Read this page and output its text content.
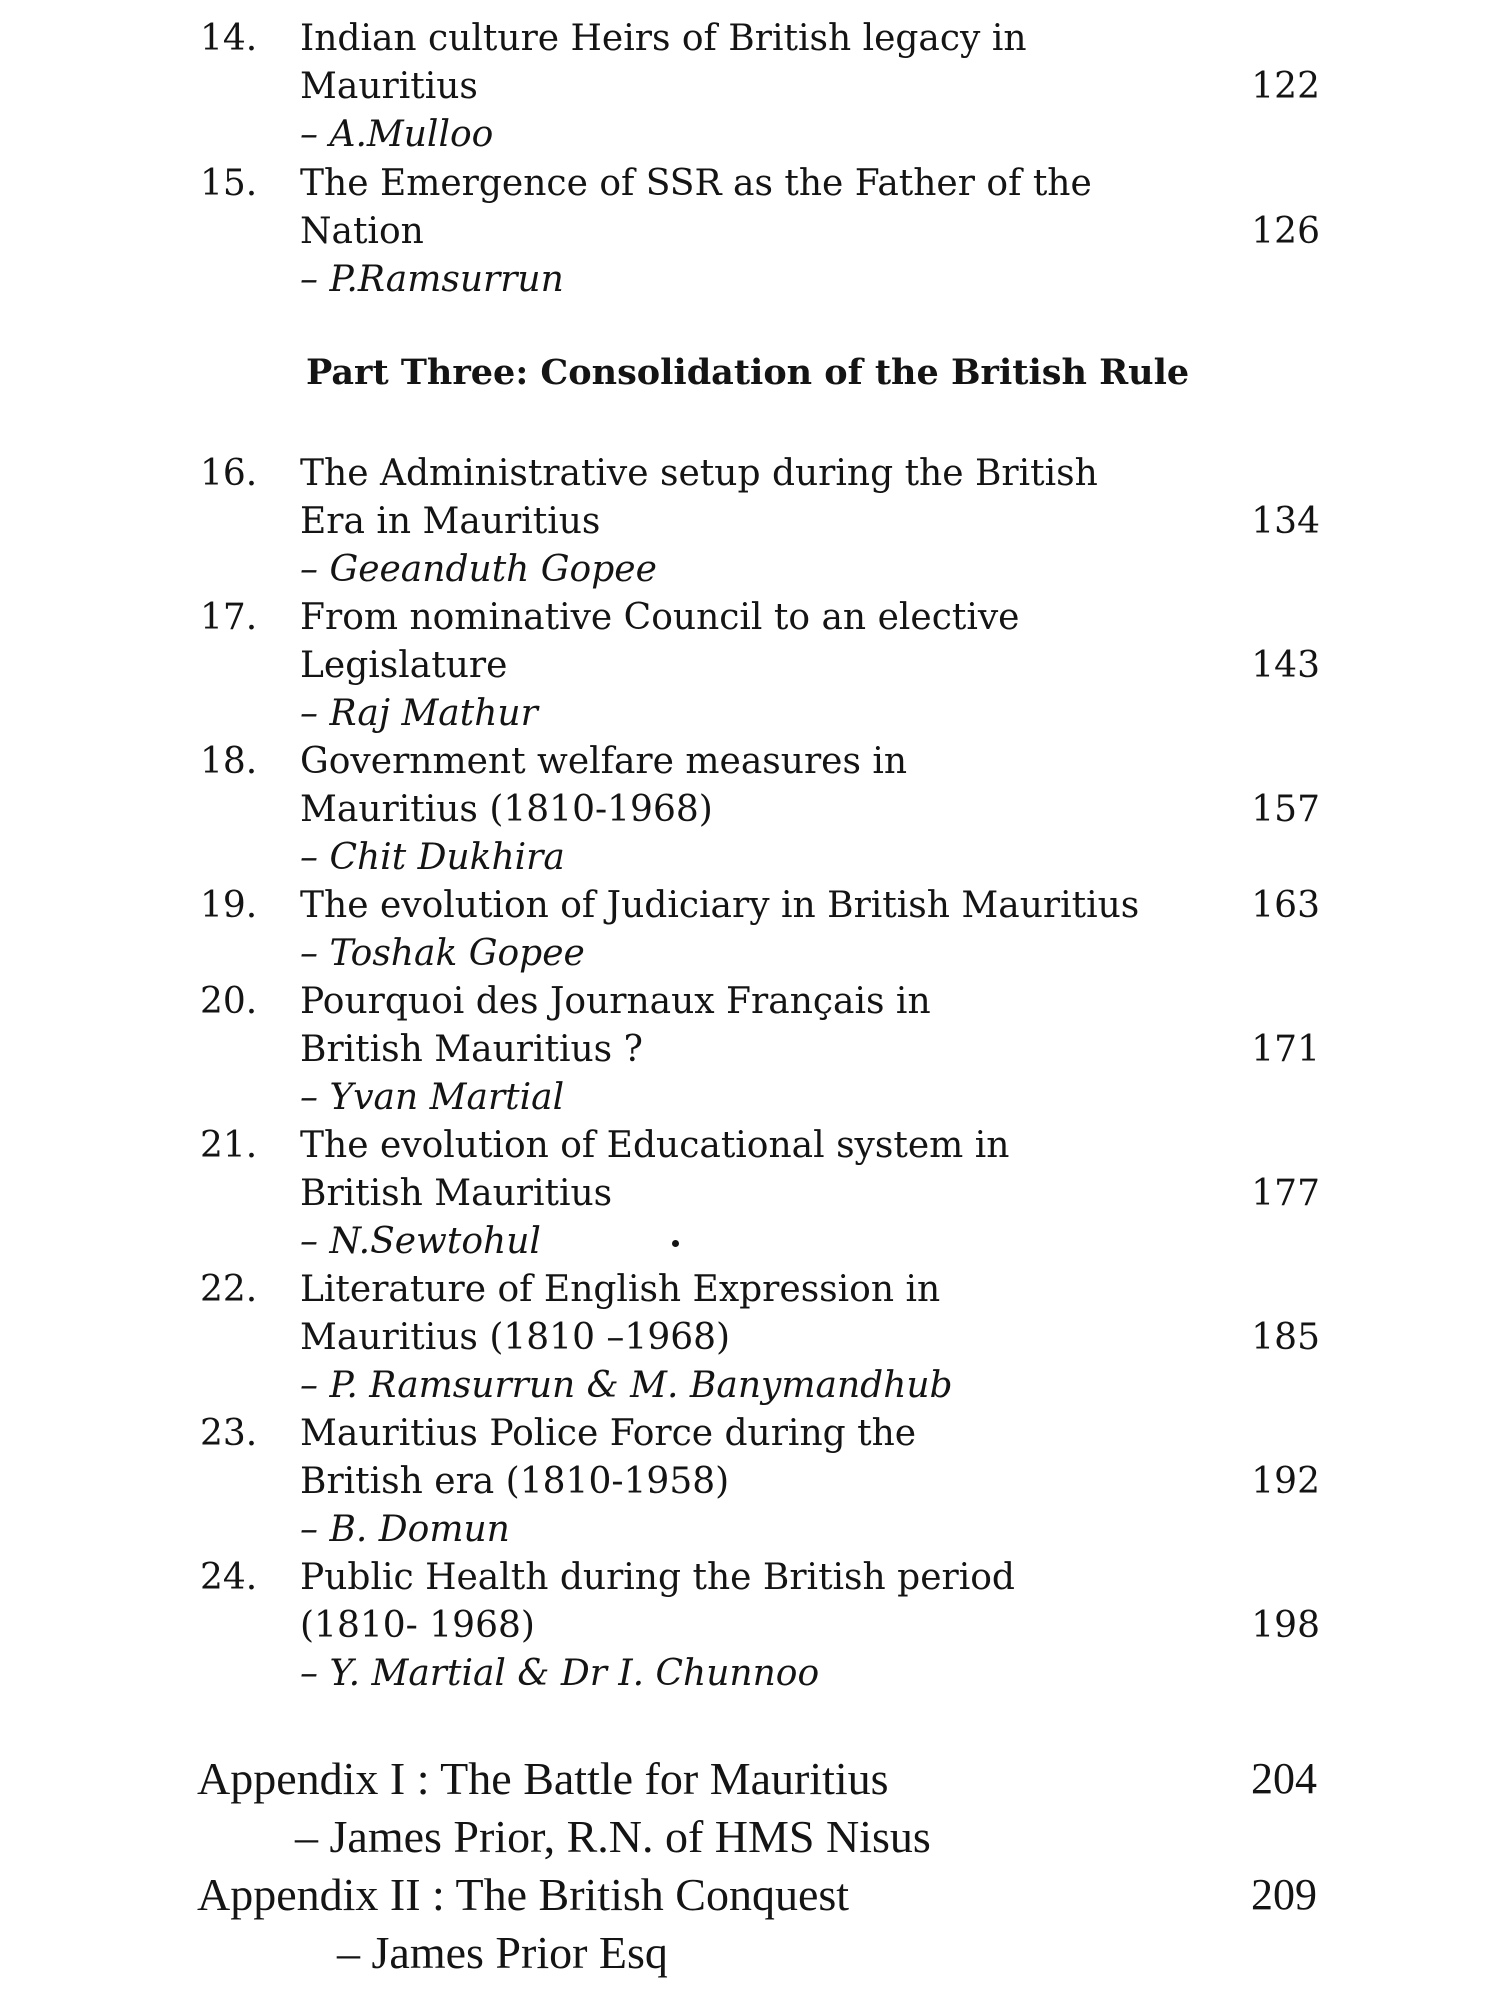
14. Indian culture Heirs of British legacy in
Mauritius
– A.Mulloo
122
15. The Emergence of SSR as the Father of the
Nation
– P.Ramsurrun
126
Part Three: Consolidation of the British Rule
16. The Administrative setup during the British
Era in Mauritius
– Geeanduth Gopee
134
17. From nominative Council to an elective
Legislature
– Raj Mathur
143
18. Government welfare measures in
Mauritius (1810-1968)
– Chit Dukhira
157
19. The evolution of Judiciary in British Mauritius
– Toshak Gopee
163
20. Pourquoi des Journaux Français in
British Mauritius ?
– Yvan Martial
171
21. The evolution of Educational system in
British Mauritius
– N.Sewtohul
177
22. Literature of English Expression in
Mauritius (1810 –1968)
– P. Ramsurrun & M. Banymandhub
185
23. Mauritius Police Force during the
British era (1810-1958)
– B. Domun
192
24. Public Health during the British period
(1810- 1968)
– Y. Martial & Dr I. Chunnoo
198
Appendix I : The Battle for Mauritius
– James Prior, R.N. of HMS Nisus
204
Appendix II : The British Conquest
– James Prior Esq
209
